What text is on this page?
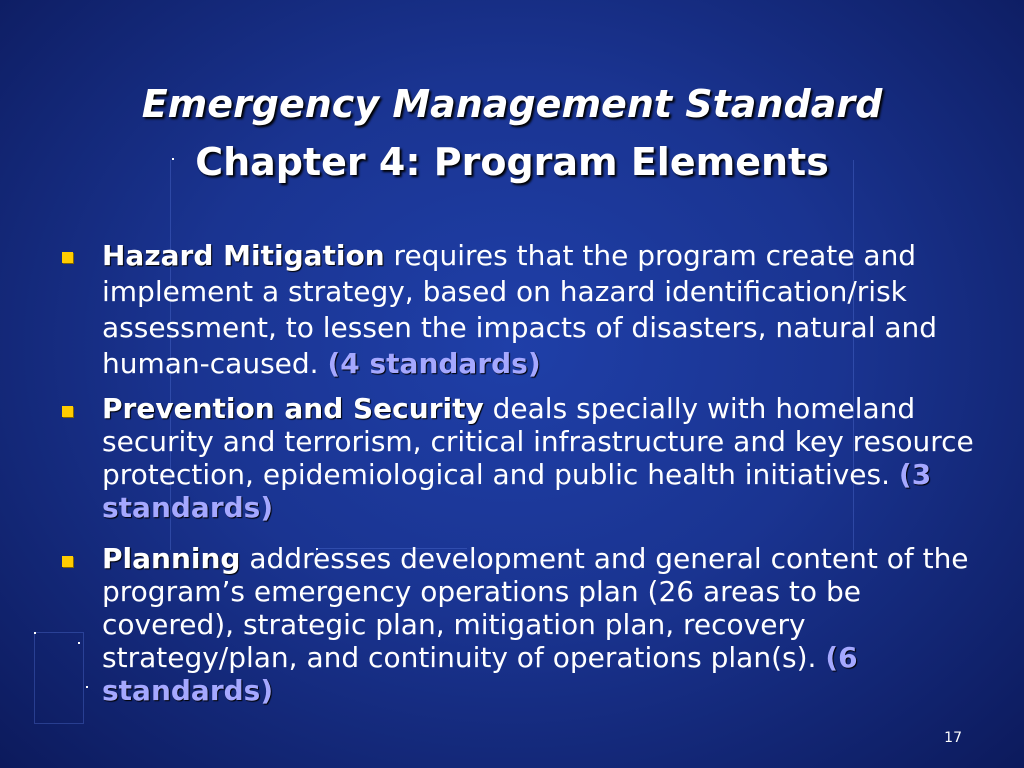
Emergency Management Standard
Chapter 4: Program Elements
Hazard Mitigation requires that the program create and implement a strategy, based on hazard identification/risk assessment, to lessen the impacts of disasters, natural and human-caused. (4 standards)
Prevention and Security deals specially with homeland security and terrorism, critical infrastructure and key resource protection, epidemiological and public health initiatives. (3 standards)
Planning addresses development and general content of the program’s emergency operations plan (26 areas to be covered), strategic plan, mitigation plan, recovery strategy/plan, and continuity of operations plan(s). (6 standards)
17
